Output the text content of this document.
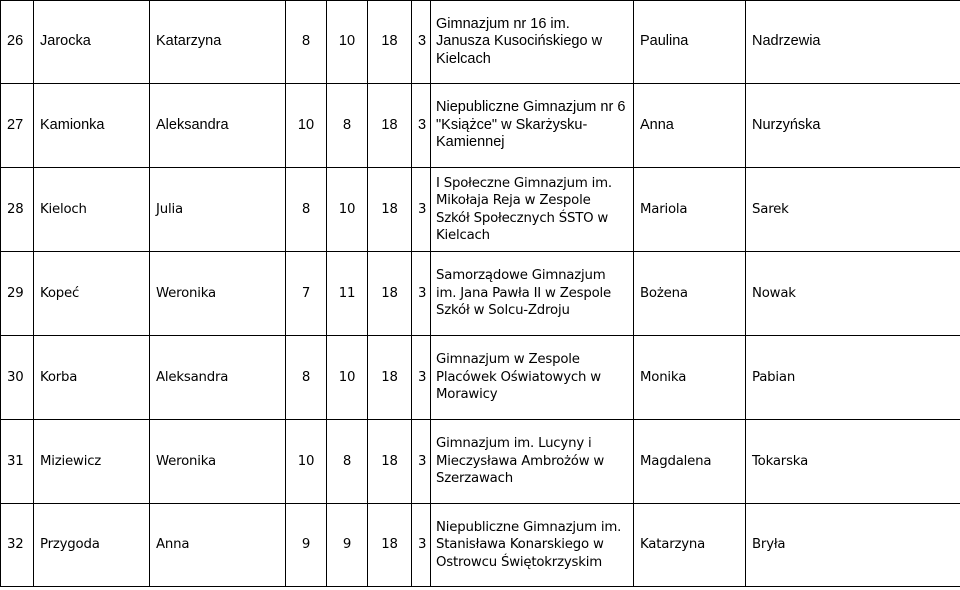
26	Jarocka	Katarzyna	8	10	18	3	Gimnazjum nr 16 im. Janusza Kusocińskiego w Kielcach	Paulina	Nadrzewia
27	Kamionka	Aleksandra	10	8	18	3	Niepubliczne Gimnazjum nr 6 "Książce" w Skarżysku-Kamiennej	Anna	Nurzyńska
28	Kieloch	Julia	8	10	18	3	I Społeczne Gimnazjum im. Mikołaja Reja w Zespole Szkół Społecznych ŚSTO w Kielcach	Mariola	Sarek
29	Kopeć	Weronika	7	11	18	3	Samorządowe Gimnazjum im. Jana Pawła II w Zespole Szkół w Solcu-Zdroju	Bożena	Nowak
30	Korba	Aleksandra	8	10	18	3	Gimnazjum w Zespole Placówek Oświatowych w Morawicy	Monika	Pabian
31	Miziewicz	Weronika	10	8	18	3	Gimnazjum im. Lucyny i Mieczysława Ambrożów w Szerzawach	Magdalena	Tokarska
32	Przygoda	Anna	9	9	18	3	Niepubliczne Gimnazjum im. Stanisława Konarskiego w Ostrowcu Świętokrzyskim	Katarzyna	Bryła
